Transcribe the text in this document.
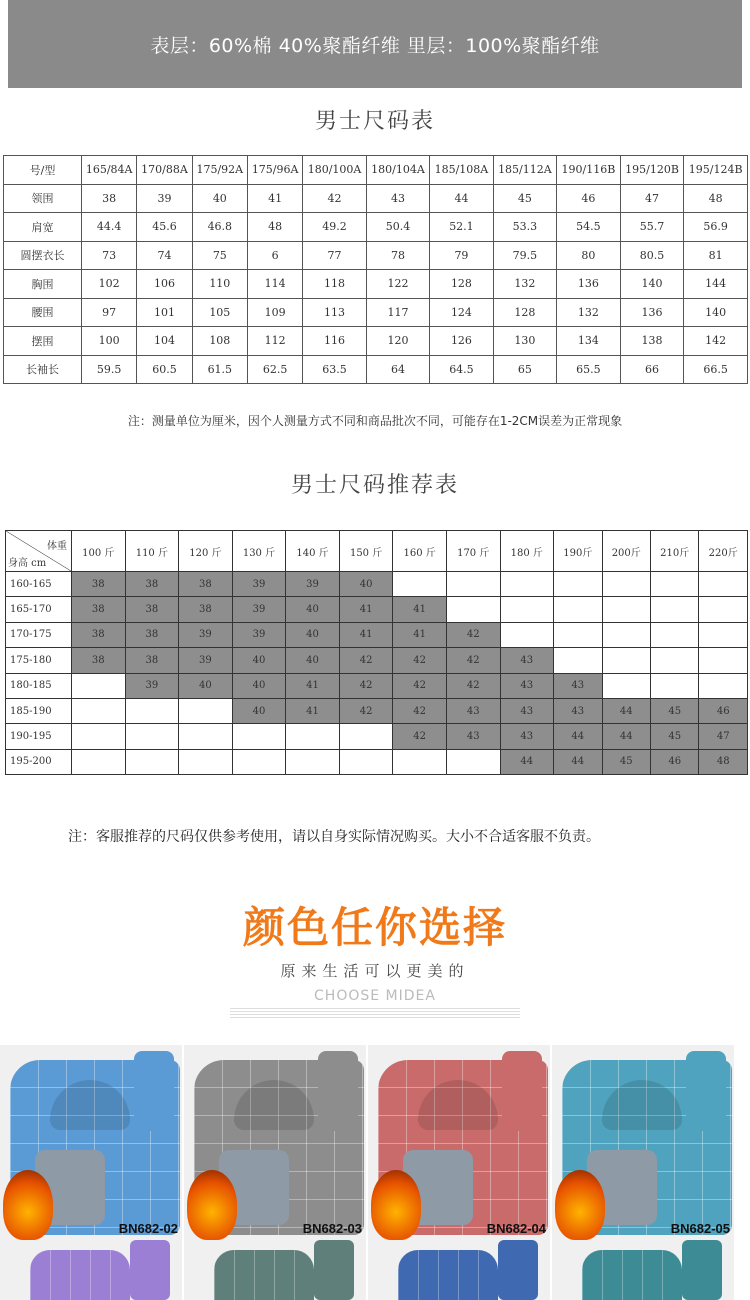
表层：60%棉 40%聚酯纤维 里层：100%聚酯纤维
男士尺码表
号/型	165/84A	170/88A	175/92A	175/96A	180/100A	180/104A	185/108A	185/112A	190/116B	195/120B	195/124B
领围	38	39	40	41	42	43	44	45	46	47	48
肩宽	44.4	45.6	46.8	48	49.2	50.4	52.1	53.3	54.5	55.7	56.9
圆摆衣长	73	74	75	6	77	78	79	79.5	80	80.5	81
胸围	102	106	110	114	118	122	128	132	136	140	144
腰围	97	101	105	109	113	117	124	128	132	136	140
摆围	100	104	108	112	116	120	126	130	134	138	142
长袖长	59.5	60.5	61.5	62.5	63.5	64	64.5	65	65.5	66	66.5
注：测量单位为厘米，因个人测量方式不同和商品批次不同，可能存在1-2CM误差为正常现象
男士尺码推荐表
体重
身高 cm	100 斤	110 斤	120 斤	130 斤	140 斤	150 斤	160 斤	170 斤	180 斤	190斤	200斤	210斤	220斤
160-165	38	38	38	39	39	40							
165-170	38	38	38	39	40	41	41						
170-175	38	38	39	39	40	41	41	42					
175-180	38	38	39	40	40	42	42	42	43				
180-185		39	40	40	41	42	42	42	43	43			
185-190				40	41	42	42	43	43	43	44	45	46
190-195							42	43	43	44	44	45	47
195-200									44	44	45	46	48
注：客服推荐的尺码仅供参考使用，请以自身实际情况购买。大小不合适客服不负责。
颜色任你选择
原来生活可以更美的
CHOOSE MIDEA
BN682-02	BN682-03	BN682-04	BN682-05
